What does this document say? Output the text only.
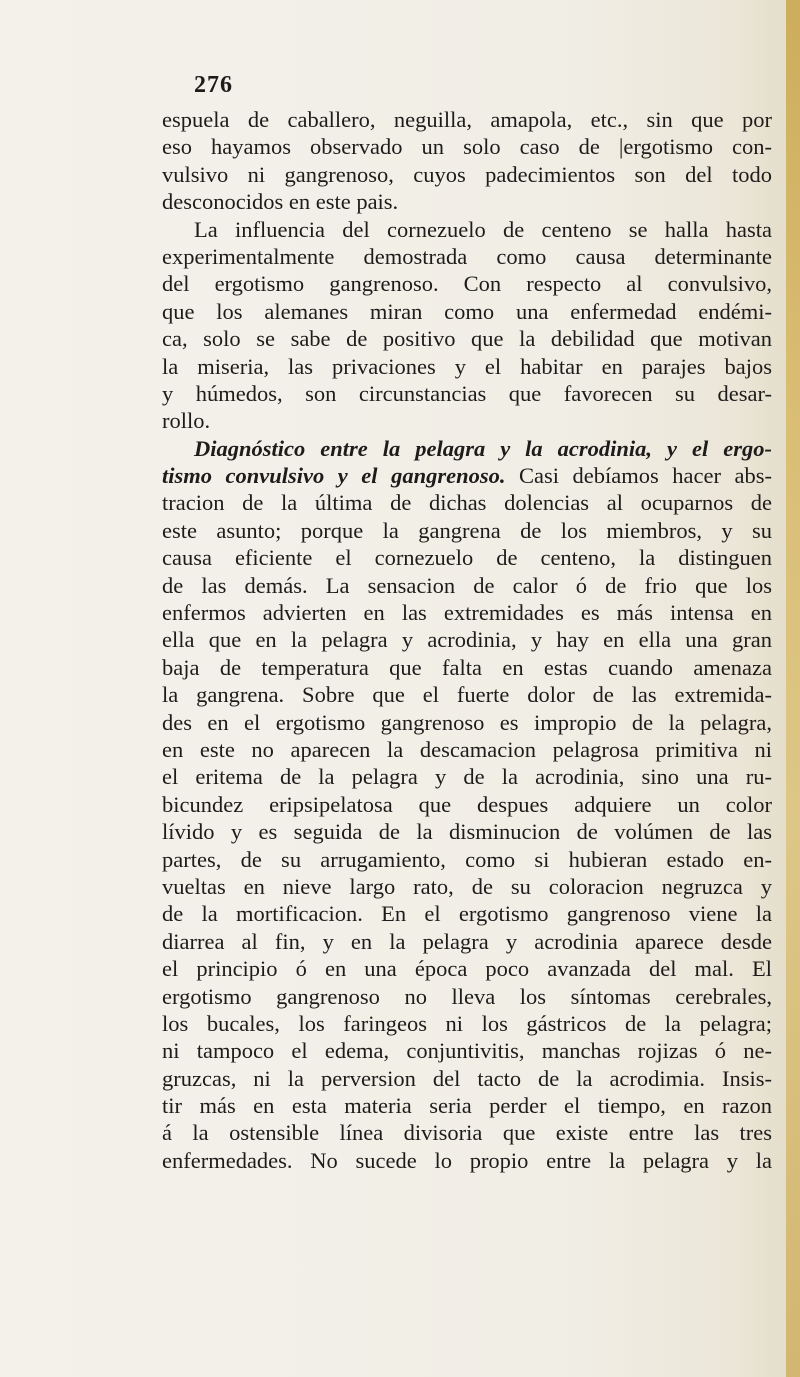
276
espuela de caballero, neguilla, amapola, etc., sin que por
eso hayamos observado un solo caso de |ergotismo con-
vulsivo ni gangrenoso, cuyos padecimientos son del todo
desconocidos en este pais.
La influencia del cornezuelo de centeno se halla hasta
experimentalmente demostrada como causa determinante
del ergotismo gangrenoso. Con respecto al convulsivo,
que los alemanes miran como una enfermedad endémi-
ca, solo se sabe de positivo que la debilidad que motivan
la miseria, las privaciones y el habitar en parajes bajos
y húmedos, son circunstancias que favorecen su desar-
rollo.
Diagnóstico entre la pelagra y la acrodinia, y el ergo-
tismo convulsivo y el gangrenoso. Casi debíamos hacer abs-
tracion de la última de dichas dolencias al ocuparnos de
este asunto; porque la gangrena de los miembros, y su
causa eficiente el cornezuelo de centeno, la distinguen
de las demás. La sensacion de calor ó de frio que los
enfermos advierten en las extremidades es más intensa en
ella que en la pelagra y acrodinia, y hay en ella una gran
baja de temperatura que falta en estas cuando amenaza
la gangrena. Sobre que el fuerte dolor de las extremida-
des en el ergotismo gangrenoso es impropio de la pelagra,
en este no aparecen la descamacion pelagrosa primitiva ni
el eritema de la pelagra y de la acrodinia, sino una ru-
bicundez eripsipelatosa que despues adquiere un color
lívido y es seguida de la disminucion de volúmen de las
partes, de su arrugamiento, como si hubieran estado en-
vueltas en nieve largo rato, de su coloracion negruzca y
de la mortificacion. En el ergotismo gangrenoso viene la
diarrea al fin, y en la pelagra y acrodinia aparece desde
el principio ó en una época poco avanzada del mal. El
ergotismo gangrenoso no lleva los síntomas cerebrales,
los bucales, los faringeos ni los gástricos de la pelagra;
ni tampoco el edema, conjuntivitis, manchas rojizas ó ne-
gruzcas, ni la perversion del tacto de la acrodimia. Insis-
tir más en esta materia seria perder el tiempo, en razon
á la ostensible línea divisoria que existe entre las tres
enfermedades. No sucede lo propio entre la pelagra y la
